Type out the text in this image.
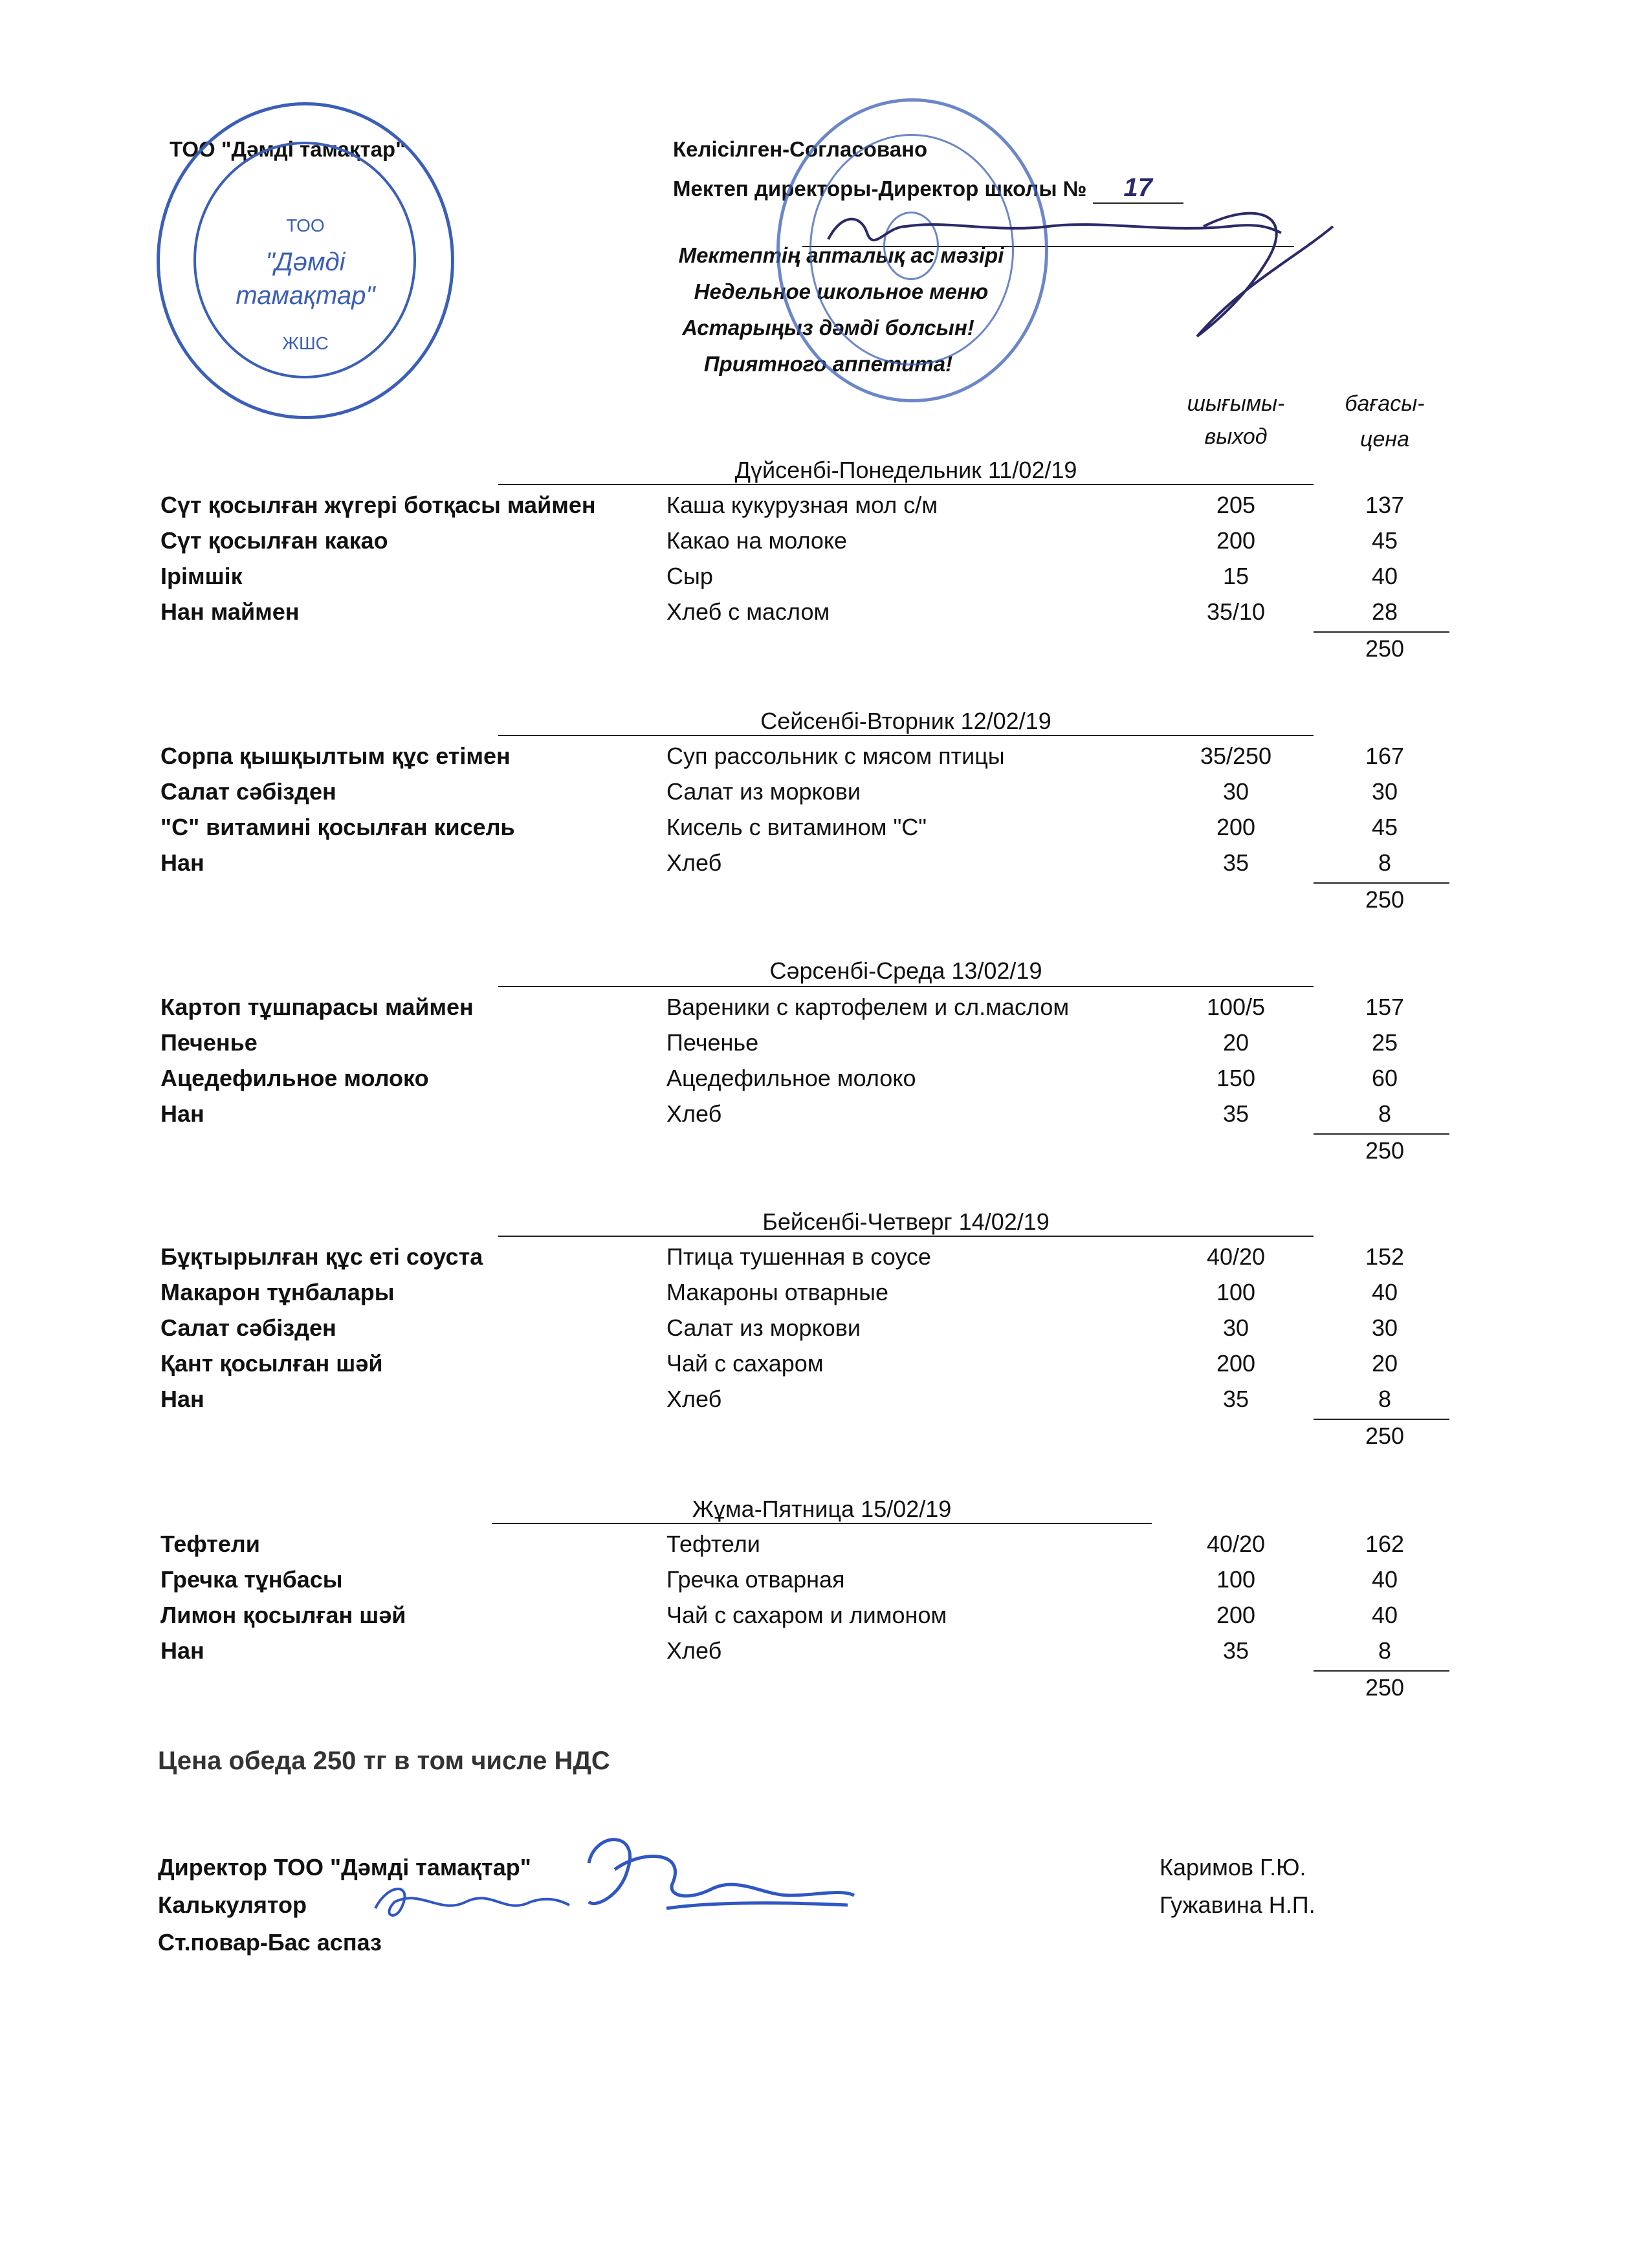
ТОО "Дәмді тамақтар"	Келісілген-Согласовано
Мектеп директоры-Директор школы № 17
Мектептің апталық ас мәзірі
Недельное школьное меню
Астарыңыз дәмді болсын!
Приятного аппетита!
шығымы-
выход
бағасы-
цена
ТОО
"Дәмді
тамақтар"
ЖШС
Дүйсенбі-Понедельник 11/02/19
Сүт қосылған жүгері ботқасы маймен	Каша кукурузная мол с/м	205	137
Сүт қосылған какао	Какао на молоке	200	45
Ірімшік	Сыр	15	40
Нан маймен	Хлеб с маслом	35/10	28
250
Сейсенбі-Вторник 12/02/19
Сорпа қышқылтым құс етімен	Суп рассольник с мясом птицы	35/250	167
Салат сәбізден	Салат из моркови	30	30
"С" витамині қосылған кисель	Кисель с витамином "С"	200	45
Нан	Хлеб	35	8
250
Сәрсенбі-Среда 13/02/19
Картоп тұшпарасы маймен	Вареники с картофелем и сл.маслом	100/5	157
Печенье	Печенье	20	25
Ацедефильное молоко	Ацедефильное молоко	150	60
Нан	Хлеб	35	8
250
Бейсенбі-Четверг 14/02/19
Бұқтырылған құс еті соуста	Птица тушенная в соусе	40/20	152
Макарон тұнбалары	Макароны отварные	100	40
Салат сәбізден	Салат из моркови	30	30
Қант қосылған шәй	Чай с сахаром	200	20
Нан	Хлеб	35	8
250
Жұма-Пятница 15/02/19
Тефтели	Тефтели	40/20	162
Гречка тұнбасы	Гречка отварная	100	40
Лимон қосылған шәй	Чай с сахаром и лимоном	200	40
Нан	Хлеб	35	8
250
Цена обеда 250 тг в том числе НДС
Директор ТОО "Дәмді тамақтар"
Калькулятор
Ст.повар-Бас аспаз
Каримов Г.Ю.
Гужавина Н.П.
